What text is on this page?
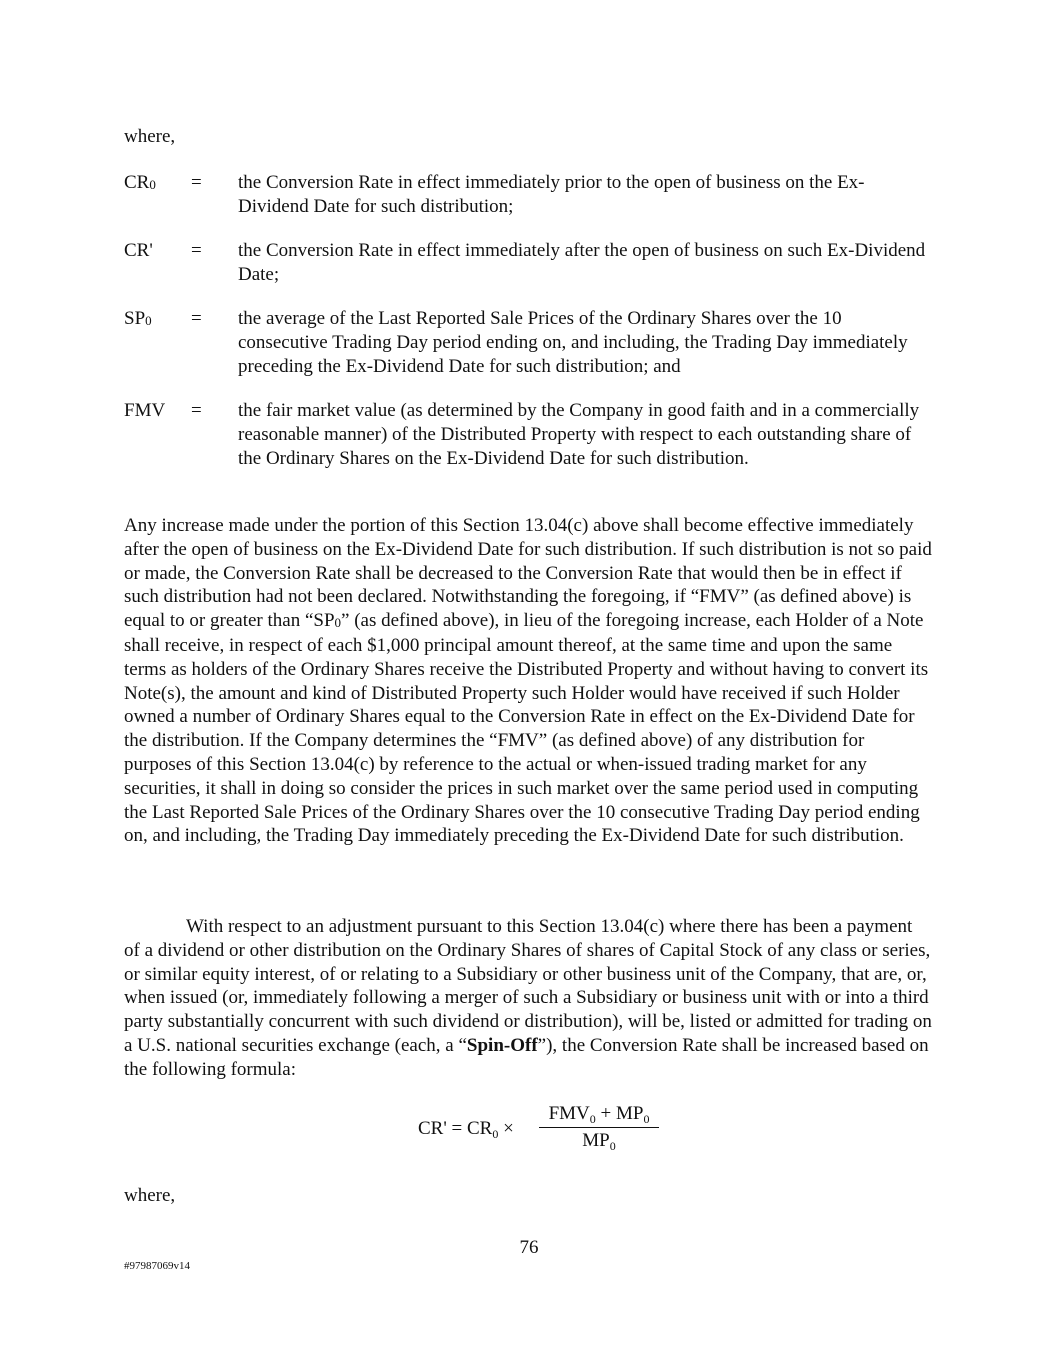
where,
CR0 = the Conversion Rate in effect immediately prior to the open of business on the Ex-Dividend Date for such distribution;
CR' = the Conversion Rate in effect immediately after the open of business on such Ex-Dividend Date;
SP0 = the average of the Last Reported Sale Prices of the Ordinary Shares over the 10 consecutive Trading Day period ending on, and including, the Trading Day immediately preceding the Ex-Dividend Date for such distribution; and
FMV = the fair market value (as determined by the Company in good faith and in a commercially reasonable manner) of the Distributed Property with respect to each outstanding share of the Ordinary Shares on the Ex-Dividend Date for such distribution.
Any increase made under the portion of this Section 13.04(c) above shall become effective immediately after the open of business on the Ex-Dividend Date for such distribution. If such distribution is not so paid or made, the Conversion Rate shall be decreased to the Conversion Rate that would then be in effect if such distribution had not been declared. Notwithstanding the foregoing, if “FMV” (as defined above) is equal to or greater than “SP0” (as defined above), in lieu of the foregoing increase, each Holder of a Note shall receive, in respect of each $1,000 principal amount thereof, at the same time and upon the same terms as holders of the Ordinary Shares receive the Distributed Property and without having to convert its Note(s), the amount and kind of Distributed Property such Holder would have received if such Holder owned a number of Ordinary Shares equal to the Conversion Rate in effect on the Ex-Dividend Date for the distribution. If the Company determines the “FMV” (as defined above) of any distribution for purposes of this Section 13.04(c) by reference to the actual or when-issued trading market for any securities, it shall in doing so consider the prices in such market over the same period used in computing the Last Reported Sale Prices of the Ordinary Shares over the 10 consecutive Trading Day period ending on, and including, the Trading Day immediately preceding the Ex-Dividend Date for such distribution.
With respect to an adjustment pursuant to this Section 13.04(c) where there has been a payment of a dividend or other distribution on the Ordinary Shares of shares of Capital Stock of any class or series, or similar equity interest, of or relating to a Subsidiary or other business unit of the Company, that are, or, when issued (or, immediately following a merger of such a Subsidiary or business unit with or into a third party substantially concurrent with such dividend or distribution), will be, listed or admitted for trading on a U.S. national securities exchange (each, a “Spin-Off”), the Conversion Rate shall be increased based on the following formula:
$CR' = CR_0$ ×
$FMV_0 + MP_0$
$MP_0$
where,
76
#97987069v14
